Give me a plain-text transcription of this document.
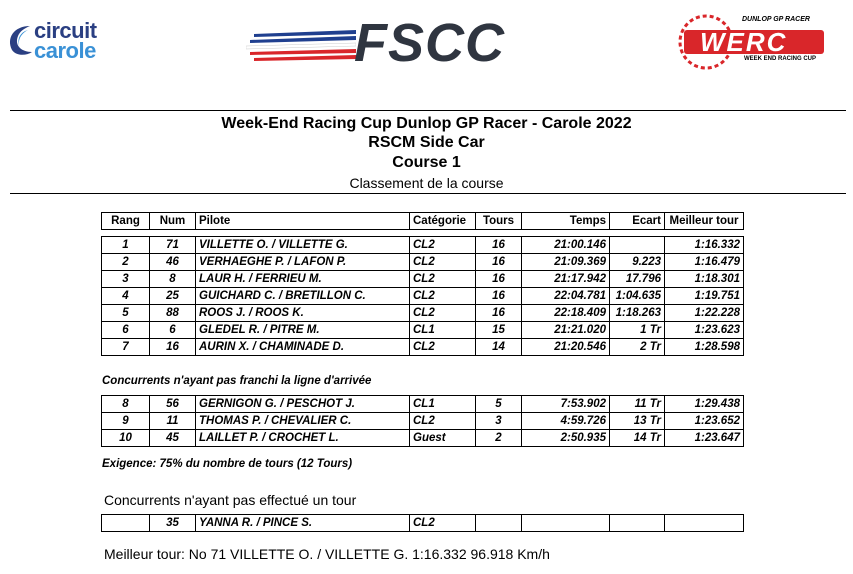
circuit
carole	FSCC	DUNLOP GP RACER
WERC
WEEK END RACING CUP
Week-End Racing Cup Dunlop GP Racer - Carole 2022
RSCM Side Car
Course 1
Classement de la course
Rang	Num	Pilote	Catégorie	Tours	Temps	Ecart	Meilleur tour
1	71	VILLETTE O. / VILLETTE G.	CL2	16	21:00.146		1:16.332
2	46	VERHAEGHE P. / LAFON P.	CL2	16	21:09.369	9.223	1:16.479
3	8	LAUR H. / FERRIEU M.	CL2	16	21:17.942	17.796	1:18.301
4	25	GUICHARD C. / BRETILLON C.	CL2	16	22:04.781	1:04.635	1:19.751
5	88	ROOS J. / ROOS K.	CL2	16	22:18.409	1:18.263	1:22.228
6	6	GLEDEL R. / PITRE M.	CL1	15	21:21.020	1 Tr	1:23.623
7	16	AURIN X. / CHAMINADE D.	CL2	14	21:20.546	2 Tr	1:28.598
Concurrents n'ayant pas franchi la ligne d'arrivée
8	56	GERNIGON G. / PESCHOT J.	CL1	5	7:53.902	11 Tr	1:29.438
9	11	THOMAS P. / CHEVALIER C.	CL2	3	4:59.726	13 Tr	1:23.652
10	45	LAILLET P. / CROCHET L.	Guest	2	2:50.935	14 Tr	1:23.647
Exigence: 75% du nombre de tours (12 Tours)
Concurrents n'ayant pas effectué un tour
	35	YANNA R. / PINCE S.	CL2				
Meilleur tour: No 71 VILLETTE O. / VILLETTE G. 1:16.332 96.918 Km/h
